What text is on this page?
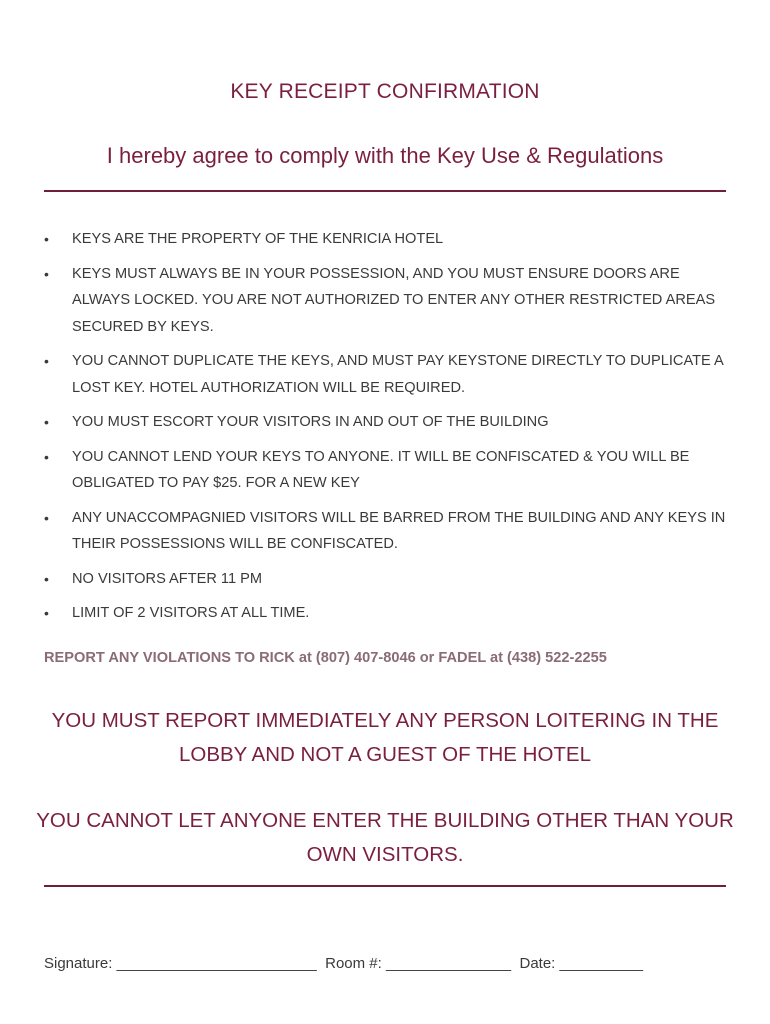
KEY RECEIPT CONFIRMATION
I hereby agree to comply with the Key Use & Regulations
• KEYS ARE THE PROPERTY OF THE KENRICIA HOTEL
• KEYS MUST ALWAYS BE IN YOUR POSSESSION, AND YOU MUST ENSURE DOORS ARE ALWAYS LOCKED. YOU ARE NOT AUTHORIZED TO ENTER ANY OTHER RESTRICTED AREAS SECURED BY KEYS.
• YOU CANNOT DUPLICATE THE KEYS, AND MUST PAY KEYSTONE DIRECTLY TO DUPLICATE A LOST KEY. HOTEL AUTHORIZATION WILL BE REQUIRED.
• YOU MUST ESCORT YOUR VISITORS IN AND OUT OF THE BUILDING
• YOU CANNOT LEND YOUR KEYS TO ANYONE. IT WILL BE CONFISCATED & YOU WILL BE OBLIGATED TO PAY $25. FOR A NEW KEY
• ANY UNACCOMPAGNIED VISITORS WILL BE BARRED FROM THE BUILDING AND ANY KEYS IN THEIR POSSESSIONS WILL BE CONFISCATED.
• NO VISITORS AFTER 11 PM
• LIMIT OF 2 VISITORS AT ALL TIME.
REPORT ANY VIOLATIONS TO RICK at (807) 407-8046 or FADEL at (438) 522-2255
YOU MUST REPORT IMMEDIATELY ANY PERSON LOITERING IN THE LOBBY AND NOT A GUEST OF THE HOTEL
YOU CANNOT LET ANYONE ENTER THE BUILDING OTHER THAN YOUR OWN VISITORS.
Signature: ________________________ Room #: _______________ Date: __________
